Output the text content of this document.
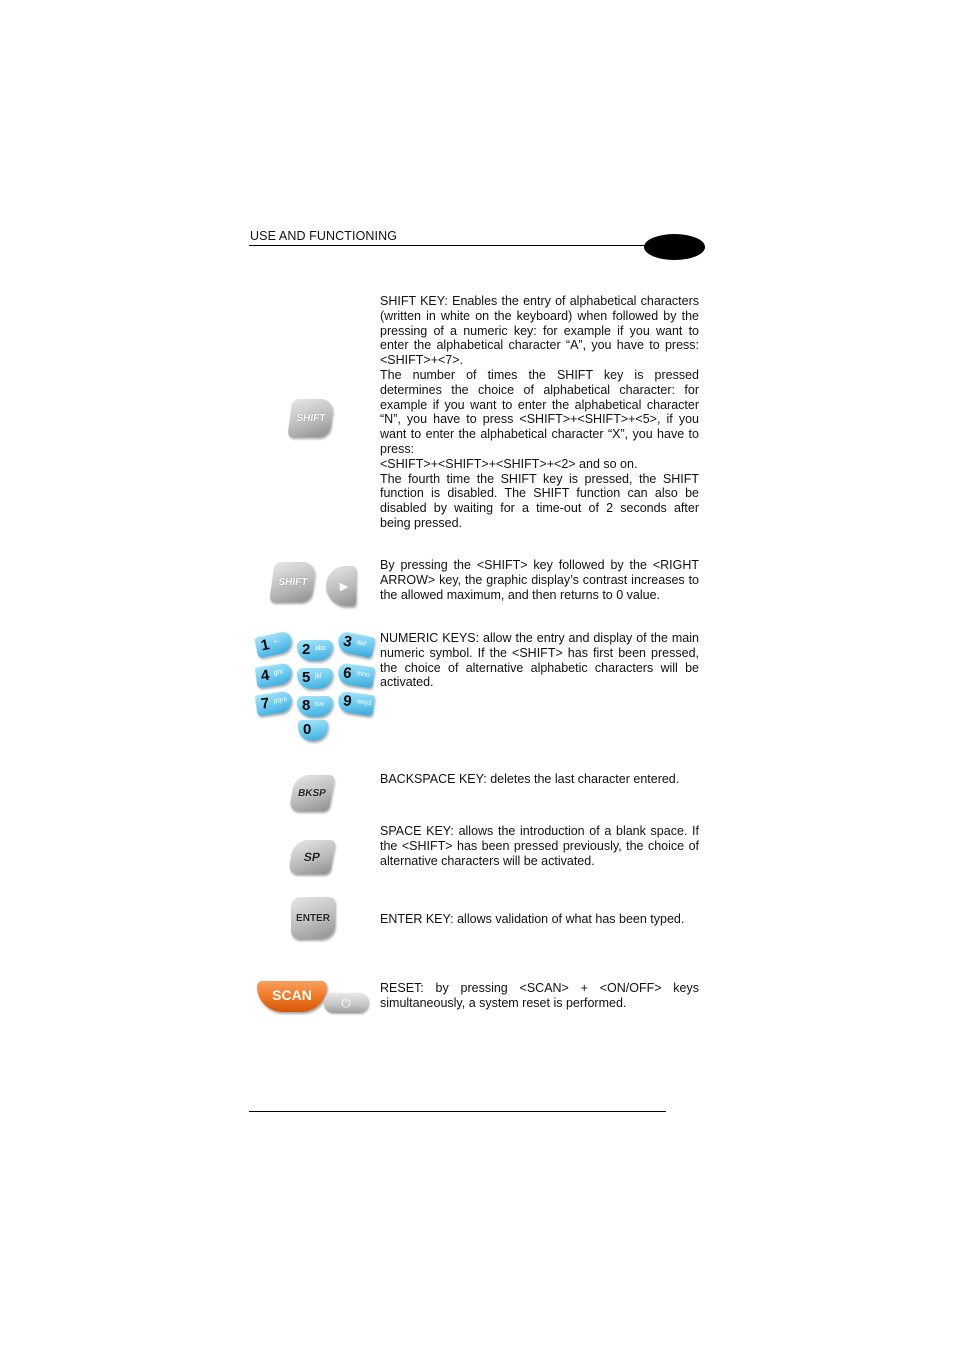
USE AND FUNCTIONING
SHIFT

SHIFT KEY: Enables the entry of alphabetical characters (written in white on the keyboard) when followed by the pressing of a numeric key: for example if you want to enter the alphabetical character “A”, you have to press: <SHIFT>+<7>.

The number of times the SHIFT key is pressed determines the choice of alphabetical character: for example if you want to enter the alphabetical character “N”, you have to press <SHIFT>+<SHIFT>+<5>, if you want to enter the alphabetical character “X”, you have to press:

<SHIFT>+<SHIFT>+<SHIFT>+<2> and so on.

The fourth time the SHIFT key is pressed, the SHIFT function is disabled. The SHIFT function can also be disabled by waiting for a time-out of 2 seconds after being pressed.

SHIFT	▶

By pressing the <SHIFT> key followed by the <RIGHT ARROW> key, the graphic display’s contrast increases to the allowed maximum, and then returns to 0 value.

1 +- 2 abc 3 def
4 ghi 5 jkl 6 mno
7 pqrs 8 tuv 9 wxyz
0

NUMERIC KEYS: allow the entry and display of the main numeric symbol. If the <SHIFT> has first been pressed, the choice of alternative alphabetic characters will be activated.

BKSP

BACKSPACE KEY: deletes the last character entered.

SP

SPACE KEY: allows the introduction of a blank space. If the <SHIFT> has been pressed previously, the choice of alternative characters will be activated.

ENTER	ENTER KEY: allows validation of what has been typed.

SCAN ⏻

RESET: by pressing <SCAN> + <ON/OFF> keys simultaneously, a system reset is performed.
